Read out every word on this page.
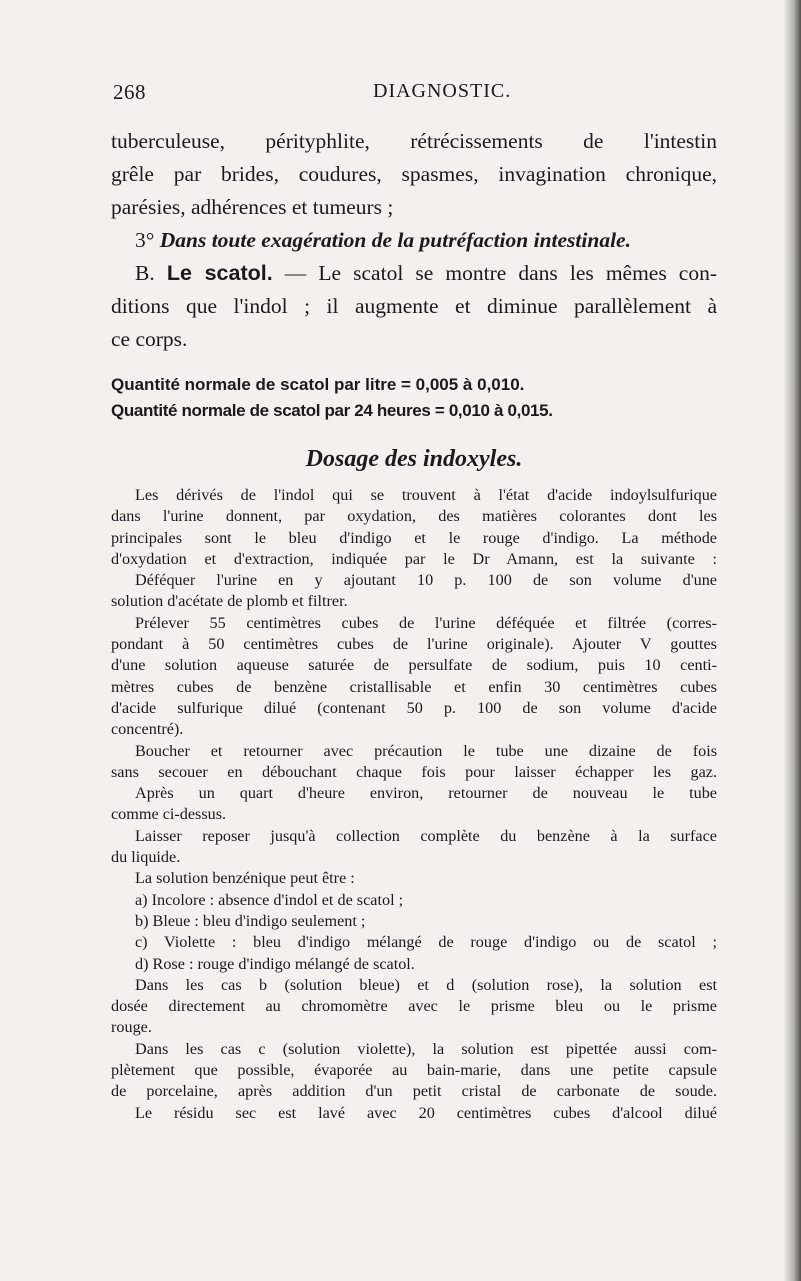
268	DIAGNOSTIC.
tuberculeuse, pérityphlite, rétrécissements de l'intestin
grêle par brides, coudures, spasmes, invagination chronique,
parésies, adhérences et tumeurs ;
3° Dans toute exagération de la putréfaction intestinale.
B. Le scatol. — Le scatol se montre dans les mêmes con-
ditions que l'indol ; il augmente et diminue parallèlement à
ce corps.

Quantité normale de scatol par litre = 0,005 à 0,010.

Quantité normale de scatol par 24 heures = 0,010 à 0,015.

Dosage des indoxyles.
Les dérivés de l'indol qui se trouvent à l'état d'acide indoylsulfurique
dans l'urine donnent, par oxydation, des matières colorantes dont les
principales sont le bleu d'indigo et le rouge d'indigo. La méthode
d'oxydation et d'extraction, indiquée par le Dr Amann, est la suivante :
Déféquer l'urine en y ajoutant 10 p. 100 de son volume d'une
solution d'acétate de plomb et filtrer.
Prélever 55 centimètres cubes de l'urine déféquée et filtrée (corres-
pondant à 50 centimètres cubes de l'urine originale). Ajouter V gouttes
d'une solution aqueuse saturée de persulfate de sodium, puis 10 centi-
mètres cubes de benzène cristallisable et enfin 30 centimètres cubes
d'acide sulfurique dilué (contenant 50 p. 100 de son volume d'acide
concentré).
Boucher et retourner avec précaution le tube une dizaine de fois
sans secouer en débouchant chaque fois pour laisser échapper les gaz.
Après un quart d'heure environ, retourner de nouveau le tube
comme ci-dessus.
Laisser reposer jusqu'à collection complète du benzène à la surface
du liquide.
La solution benzénique peut être :
a) Incolore : absence d'indol et de scatol ;
b) Bleue : bleu d'indigo seulement ;
c) Violette : bleu d'indigo mélangé de rouge d'indigo ou de scatol ;
d) Rose : rouge d'indigo mélangé de scatol.
Dans les cas b (solution bleue) et d (solution rose), la solution est
dosée directement au chromomètre avec le prisme bleu ou le prisme
rouge.
Dans les cas c (solution violette), la solution est pipettée aussi com-
plètement que possible, évaporée au bain-marie, dans une petite capsule
de porcelaine, après addition d'un petit cristal de carbonate de soude.
Le résidu sec est lavé avec 20 centimètres cubes d'alcool dilué
